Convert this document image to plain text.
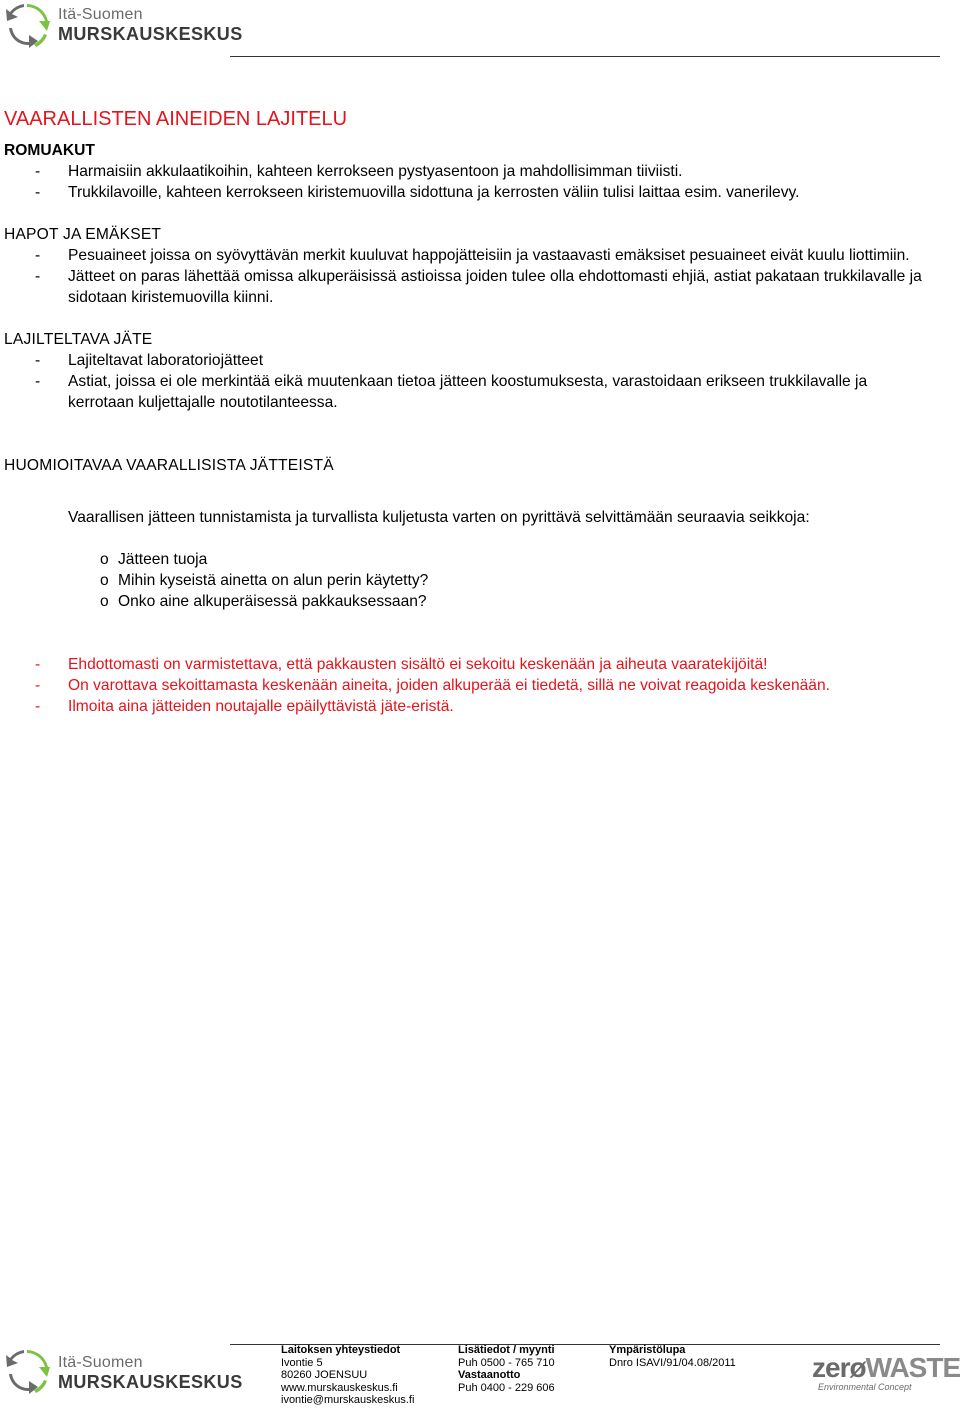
Itä-Suomen
MURSKAUSKESKUS
VAARALLISTEN AINEIDEN LAJITELU
ROMUAKUT
- Harmaisiin akkulaatikoihin, kahteen kerrokseen pystyasentoon ja mahdollisimman tiiviisti.
- Trukkilavoille, kahteen kerrokseen kiristemuovilla sidottuna ja kerrosten väliin tulisi laittaa esim. vanerilevy.
HAPOT JA EMÄKSET
- Pesuaineet joissa on syövyttävän merkit kuuluvat happojätteisiin ja vastaavasti emäksiset pesuaineet eivät kuulu liottimiin.
- Jätteet on paras lähettää omissa alkuperäisissä astioissa joiden tulee olla ehdottomasti ehjiä, astiat pakataan trukkilavalle ja sidotaan kiristemuovilla kiinni.
LAJILTELTAVA JÄTE
- Lajiteltavat laboratoriojätteet
- Astiat, joissa ei ole merkintää eikä muutenkaan tietoa jätteen koostumuksesta, varastoidaan erikseen trukkilavalle ja kerrotaan kuljettajalle noutotilanteessa.
HUOMIOITAVAA VAARALLISISTA JÄTTEISTÄ

Vaarallisen jätteen tunnistamista ja turvallista kuljetusta varten on pyrittävä selvittämään seuraavia seikkoja:

o Jätteen tuoja
o Mihin kyseistä ainetta on alun perin käytetty?
o Onko aine alkuperäisessä pakkauksessaan?
- Ehdottomasti on varmistettava, että pakkausten sisältö ei sekoitu keskenään ja aiheuta vaaratekijöitä!
- On varottava sekoittamasta keskenään aineita, joiden alkuperää ei tiedetä, sillä ne voivat reagoida keskenään.
- Ilmoita aina jätteiden noutajalle epäilyttävistä jäte-eristä.
Itä-Suomen
MURSKAUSKESKUS
Laitoksen yhteystiedot
Ivontie 5
80260 JOENSUU
www.murskauskeskus.fi
ivontie@murskauskeskus.fi
Lisätiedot / myynti
Puh 0500 - 765 710
Vastaanotto
Puh 0400 - 229 606
Ympäristölupa
Dnro ISAVI/91/04.08/2011	zerøWASTE
Environmental Concept
